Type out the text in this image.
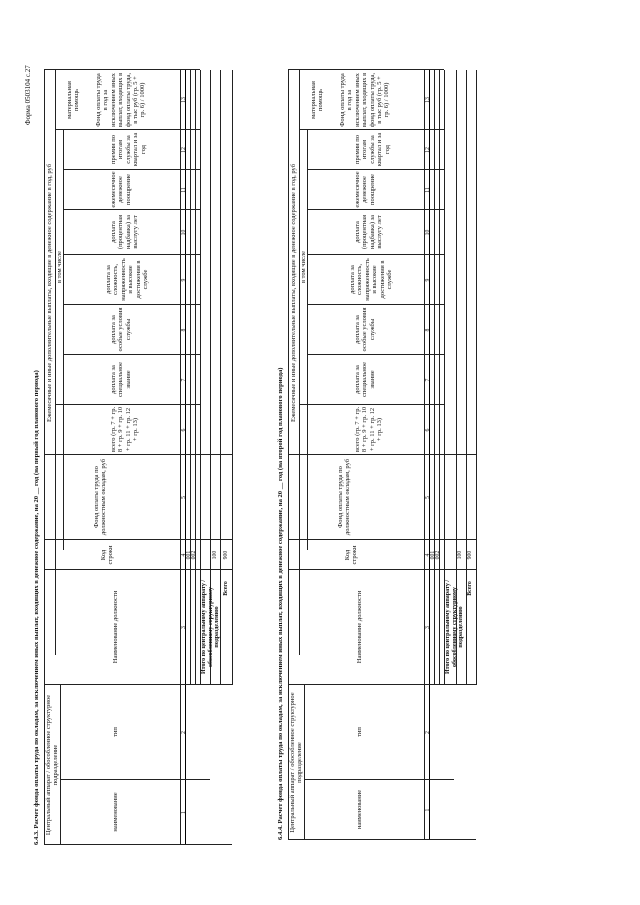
Форма 0503104 с.27
6.4.3. Расчет фонда оплаты труда по окладам, за исключением иных выплат, входящих в денежное содержание, на 20 __ год (на первый год планового периода) Центральный аппарат / обособленное структурное подразделение
наименование
тип
Наименование должности
Код строки
Фонд оплаты труда по должностным окладам, руб
Ежемесячные и иные дополнительные выплаты, входящие в денежное содержание в год, руб
всего (гр. 7 + гр. 8 + гр. 9 + гр. 10 + гр. 11 + гр. 12 + гр. 13)
в том числе
доплата за специальное звание
доплата за особые условия службы
доплата за сложность, напряженность и высокие достижения в службе
доплата (процентная надбавка) за выслугу лет
ежемесячное денежное поощрение
премии по итогам службы за квартал и за год
материальная помощь Фонд оплаты труда в год за исключением иных выплат, входящих в фонд оплаты труда, в тыс руб (гр. 5 + гр. 6) / 1000)
1
2
3
4
5
6
7
8
9
10
11
12
13
001 002
Итого по центральному аппарату / обособленному структурному подразделению
100
Всего
900	6.4.4. Расчет фонда оплаты труда по окладам, за исключением иных выплат, входящих в денежное содержание, на 20 __ год (на второй год планового периода) Центральный аппарат / обособленное структурное подразделение
наименование
тип
Наименование должности
Код строки
Фонд оплаты труда по должностным окладам, руб
Ежемесячные и иные дополнительные выплаты, входящие в денежное содержание в год, руб
всего (гр. 7 + гр. 8 + гр. 9 + гр. 10 + гр. 11 + гр. 12 + гр. 13)
в том числе
доплата за специальное звание
доплата за особые условия службы
доплата за сложность, напряженность и высокие достижения в службе
доплата (процентная надбавка) за выслугу лет
ежемесячное денежное поощрение
премии по итогам службы за квартал и за год
материальная помощь Фонд оплаты труда в год за исключением иных выплат, входящих в фонд оплаты труда, в тыс руб (гр. 5 + гр. 6) / 1000)
1
2
3
4
5
6
7
8
9
10
11
12
13
001 002
Итого по центральному аппарату / обособленному структурному подразделению
100
Всего
900
